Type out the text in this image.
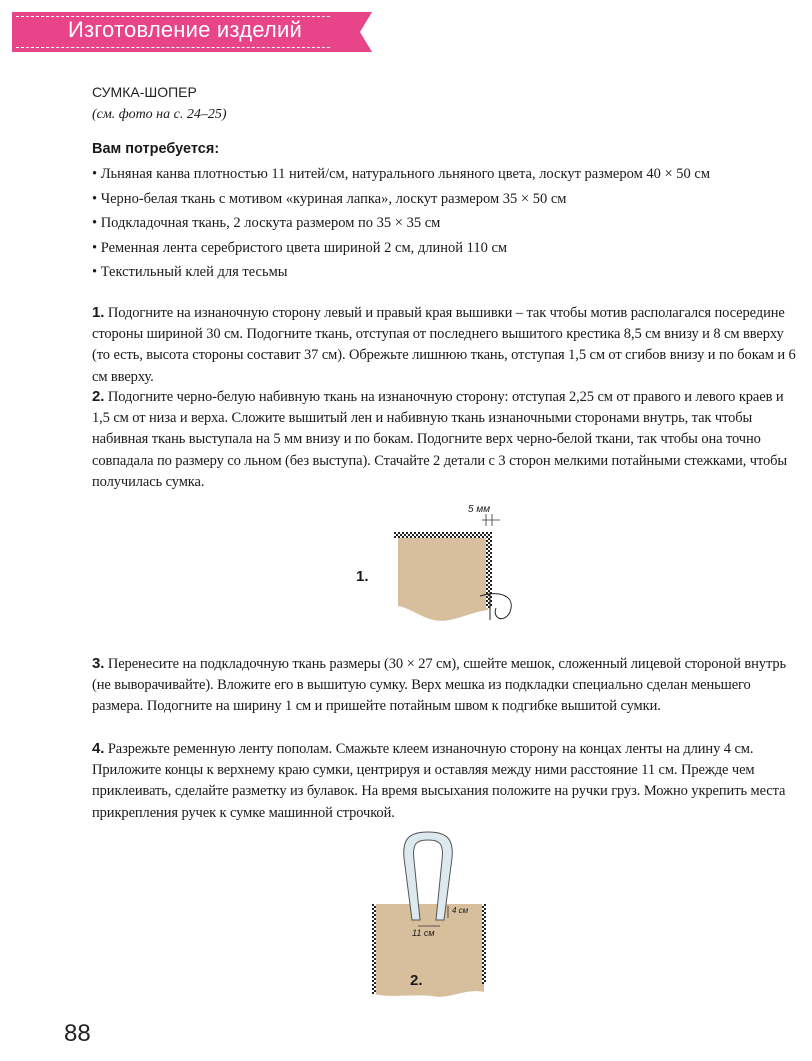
Изготовление изделий
СУМКА-ШОПЕР
(см. фото на с. 24–25)
Вам потребуется:
• Льняная канва плотностью 11 нитей/см, натурального льняного цвета, лоскут размером 40 × 50 см
• Черно-белая ткань с мотивом «куриная лапка», лоскут размером 35 × 50 см
• Подкладочная ткань, 2 лоскута размером по 35 × 35 см
• Ременная лента серебристого цвета шириной 2 см, длиной 110 см
• Текстильный клей для тесьмы

1. Подогните на изнаночную сторону левый и правый края вышивки – так чтобы мотив располагался посередине стороны шириной 30 см. Подогните ткань, отступая от последнего вышитого крестика 8,5 см внизу и 8 см вверху (то есть, высота стороны составит 37 см). Обрежьте лишнюю ткань, отступая 1,5 см от сгибов внизу и по бокам и 6 см вверху.

2. Подогните черно-белую набивную ткань на изнаночную сторону: отступая 2,25 см от правого и левого краев и 1,5 см от низа и верха. Сложите вышитый лен и набивную ткань изнаночными сторонами внутрь, так чтобы набивная ткань выступала на 5 мм внизу и по бокам. Подогните верх черно-белой ткани, так чтобы она точно совпадала по размеру со льном (без выступа). Стачайте 2 детали с 3 сторон мелкими потайными стежками, чтобы получилась сумка.

5 мм
1.

3. Перенесите на подкладочную ткань размеры (30 × 27 см), сшейте мешок, сложенный лицевой стороной внутрь (не выворачивайте). Вложите его в вышитую сумку. Верх мешка из подкладки специально сделан меньшего размера. Подогните на ширину 1 см и пришейте потайным швом к подгибке вышитой сумки.

4. Разрежьте ременную ленту пополам. Смажьте клеем изнаночную сторону на концах ленты на длину 4 см. Приложите концы к верхнему краю сумки, центрируя и оставляя между ними расстояние 11 см. Прежде чем приклеивать, сделайте разметку из булавок. На время высыхания положите на ручки груз. Можно укрепить места прикрепления ручек к сумке машинной строчкой.

4 см
11 см
2.
88
